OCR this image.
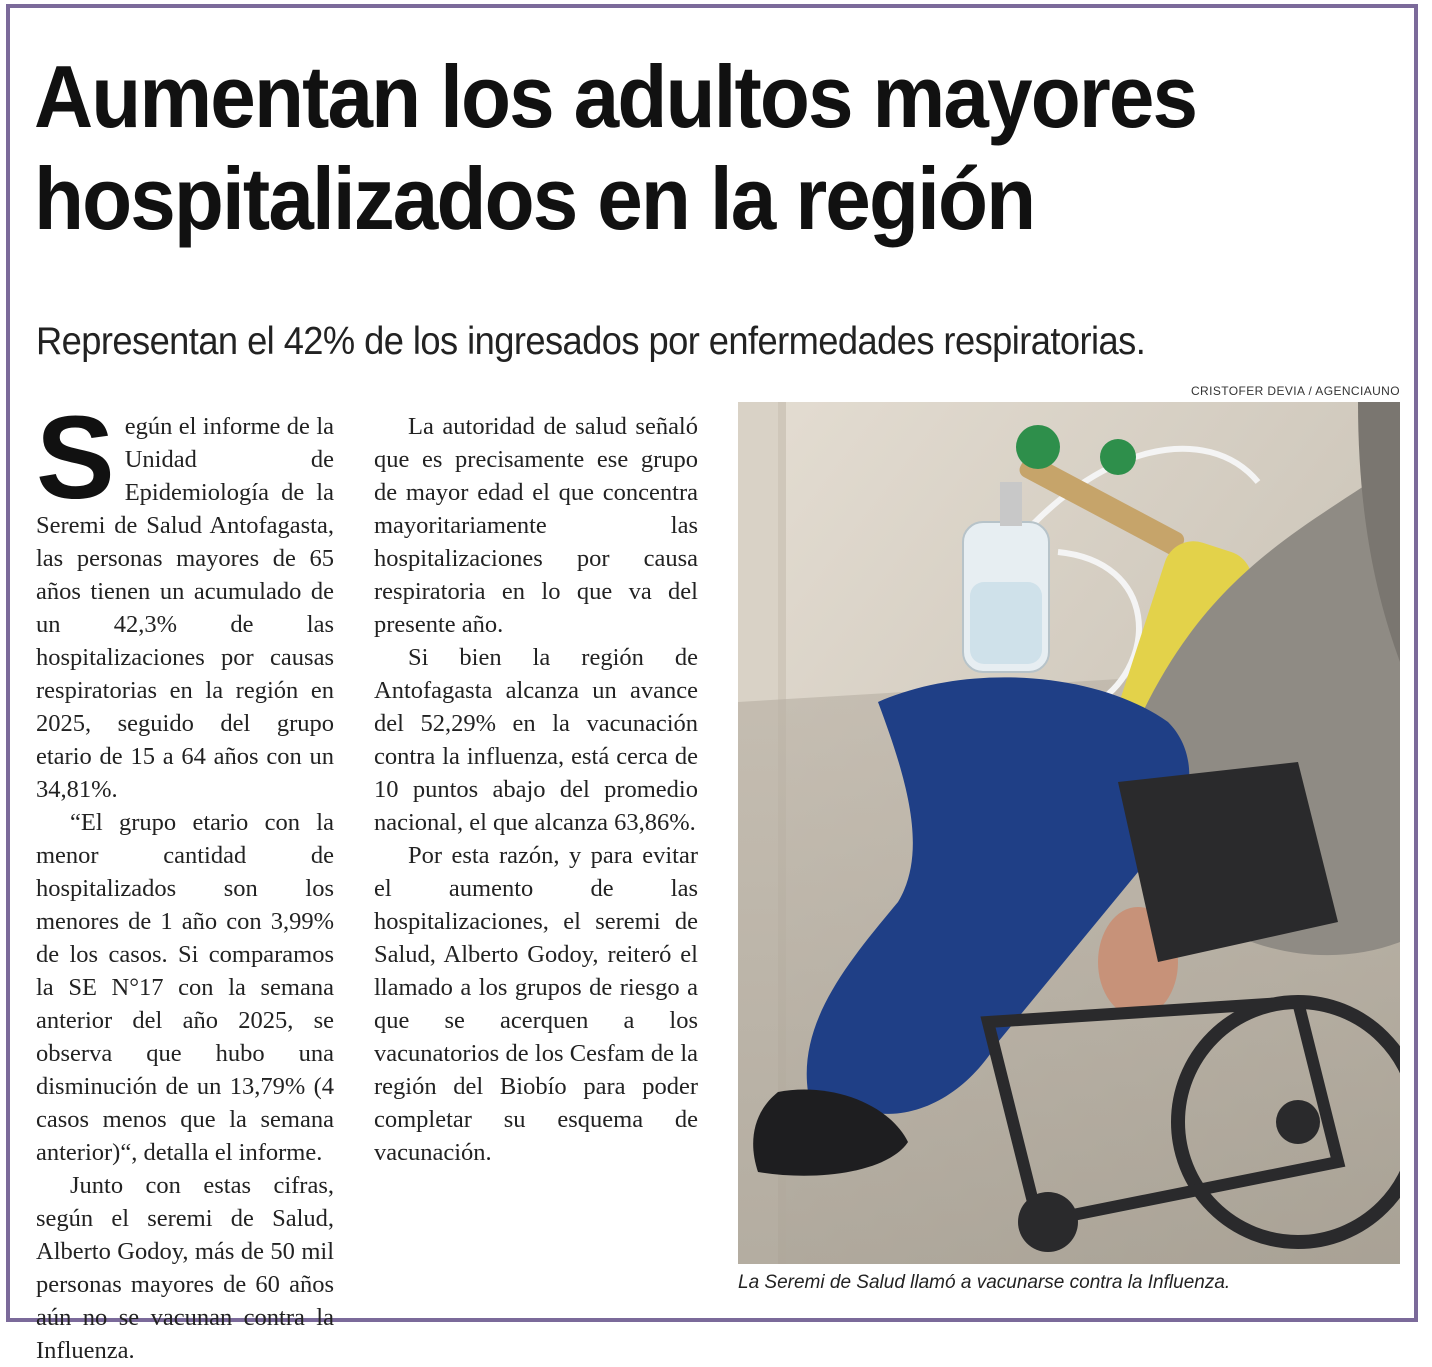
Aumentan los adultos mayores
hospitalizados en la región
Representan el 42% de los ingresados por enfermedades respiratorias.

Según el informe de la Unidad de Epidemiología de la Seremi de Salud Antofagasta, las personas mayores de 65 años tienen un acumulado de un 42,3% de las hospitalizaciones por causas respiratorias en la región en 2025, seguido del grupo etario de 15 a 64 años con un 34,81%.

“El grupo etario con la menor cantidad de hospitalizados son los menores de 1 año con 3,99% de los casos. Si comparamos la SE N°17 con la semana anterior del año 2025, se observa que hubo una disminución de un 13,79% (4 casos menos que la semana anterior)“, detalla el informe.

Junto con estas cifras, según el seremi de Salud, Alberto Godoy, más de 50 mil personas mayores de 60 años aún no se vacunan contra la Influenza.

La autoridad de salud señaló que es precisamente ese grupo de mayor edad el que concentra mayoritariamente las hospitalizaciones por causa respiratoria en lo que va del presente año.

Si bien la región de Antofagasta alcanza un avance del 52,29% en la vacunación contra la influenza, está cerca de 10 puntos abajo del promedio nacional, el que alcanza 63,86%.

Por esta razón, y para evitar el aumento de las hospitalizaciones, el seremi de Salud, Alberto Godoy, reiteró el llamado a los grupos de riesgo a que se acerquen a los vacunatorios de los Cesfam de la región del Biobío para poder completar su esquema de vacunación.

CRISTOFER DEVIA / AGENCIAUNO
La Seremi de Salud llamó a vacunarse contra la Influenza.
